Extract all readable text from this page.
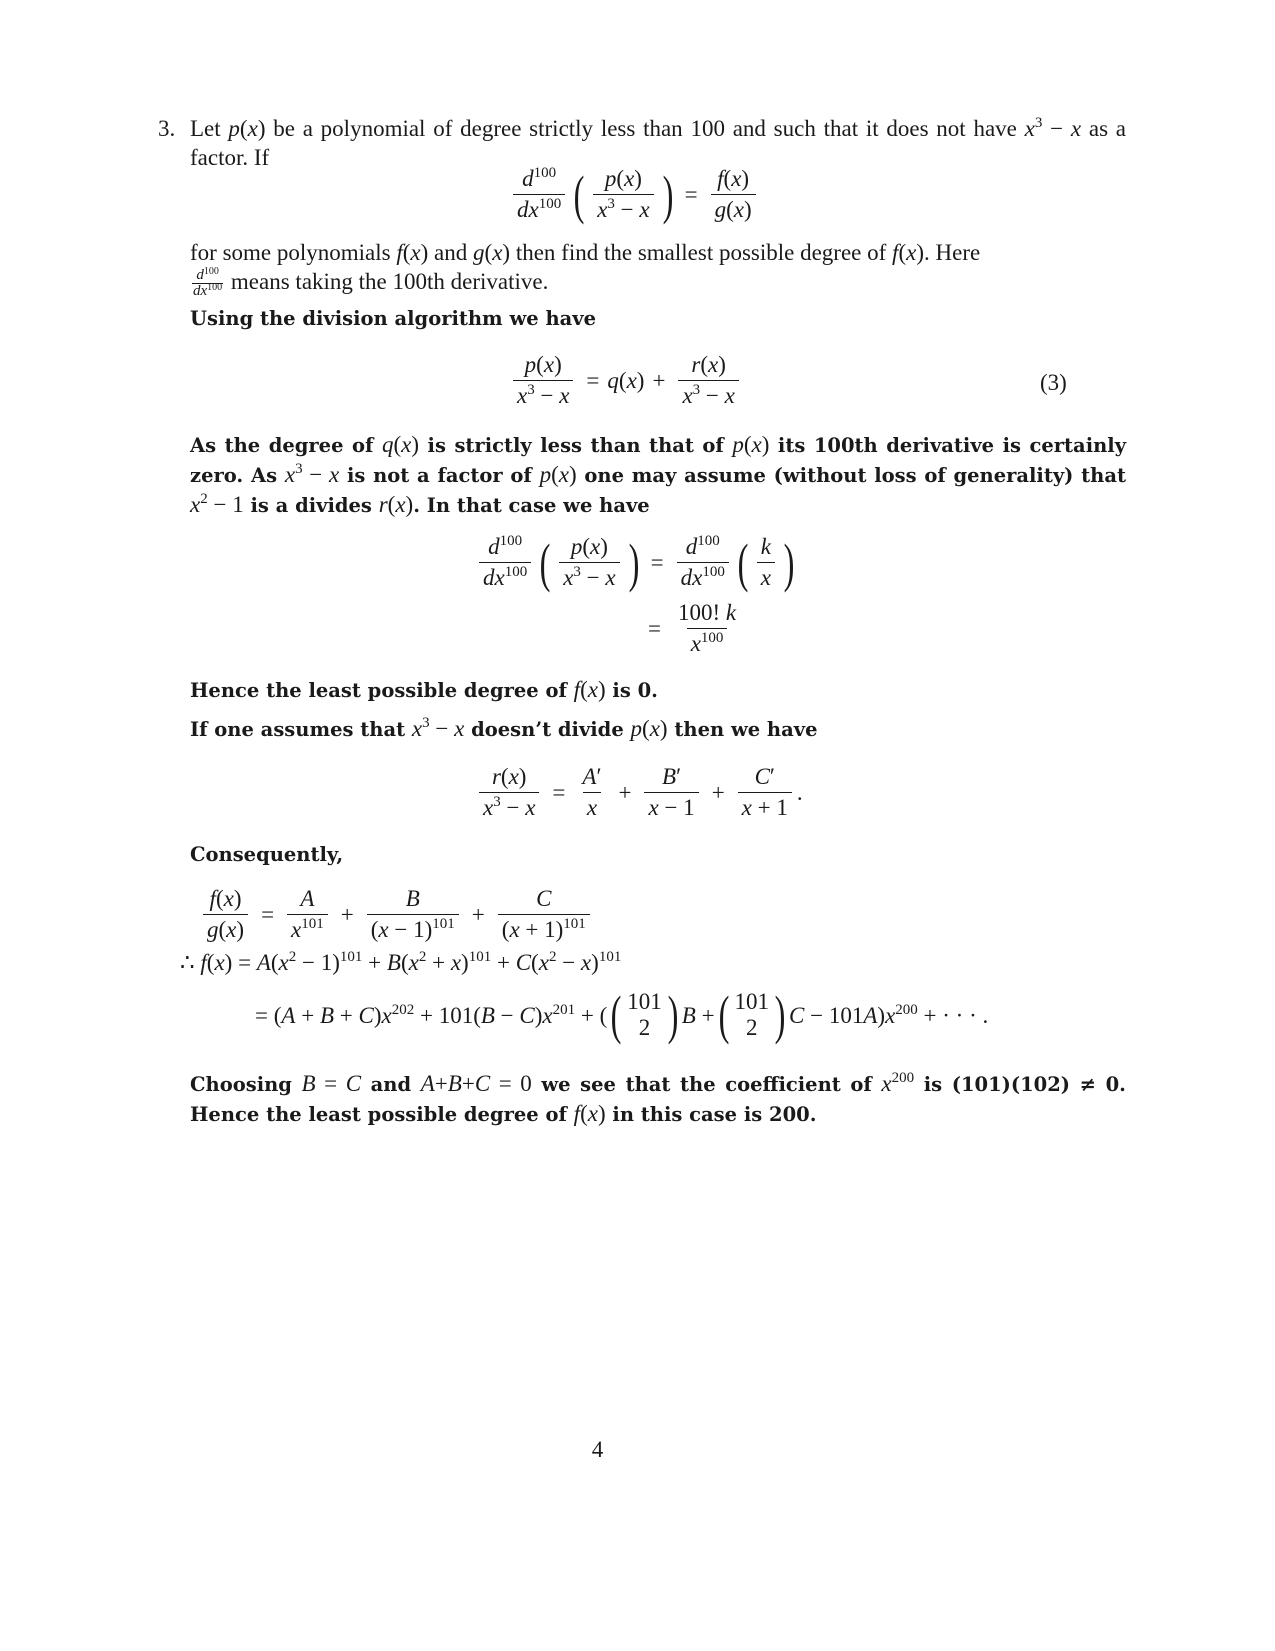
3. Let p(x) be a polynomial of degree strictly less than 100 and such that it does not have $x^3 - x$ as a factor. If
$\frac{d^{100}}{dx^{100}}$ ( $\frac{p(x)}{x^3 - x}$ ) = $\frac{f(x)}{g(x)}$
for some polynomials f(x) and g(x) then find the smallest possible degree of f(x). Here

$\frac{d^{100}}{dx^{100}}$ means taking the 100th derivative.
Using the division algorithm we have
$\frac{p(x)}{x^3 - x} = q$ ( x ) + $\frac{r(x)}{x^3 - x}$	(3)
As the degree of q(x) is strictly less than that of p(x) its 100th derivative is certainly zero. As $x^3 - x$ is not a factor of p(x) one may assume (without loss of generality) that $x^2 - 1$ is a divides r(x). In that case we have
$\frac{d^{100}}{dx^{100}}$ ( $\frac{p(x)}{x^3 - x}$ ) = $\frac{d^{100}}{dx^{100}}$ ( $\frac{k}{x}$ )
= $\frac{100! k}{x^{100}}$
Hence the least possible degree of f(x) is 0.
If one assumes that $x^3 - x$ doesn’t divide p(x) then we have
$\frac{r(x)}{x^3 - x} = \frac{A'}{x} + \frac{B'}{x - 1} + \frac{C'}{x + 1}$ .
Consequently,
$\frac{f(x)}{g(x)} = \frac{A}{x^{101}} + \frac{B}{(x - 1)^{101}} + \frac{C}{(x + 1)^{101}}$
∴ $f(x) = A(x^2 - 1)^{101} + B(x^2 + x)^{101} + C(x^2 - x)^{101}$
= $(A + B + C)x^{202} + 101(B - C)x^{201}$ + ( ( 101
2 ) B + ( 101
2 ) $C - 101A)x^{200}$ + · · · .
Choosing B = C and A+B+C = 0 we see that the coefficient of $x^{200}$ is (101)(102) ≠ 0. Hence the least possible degree of f(x) in this case is 200.
4
